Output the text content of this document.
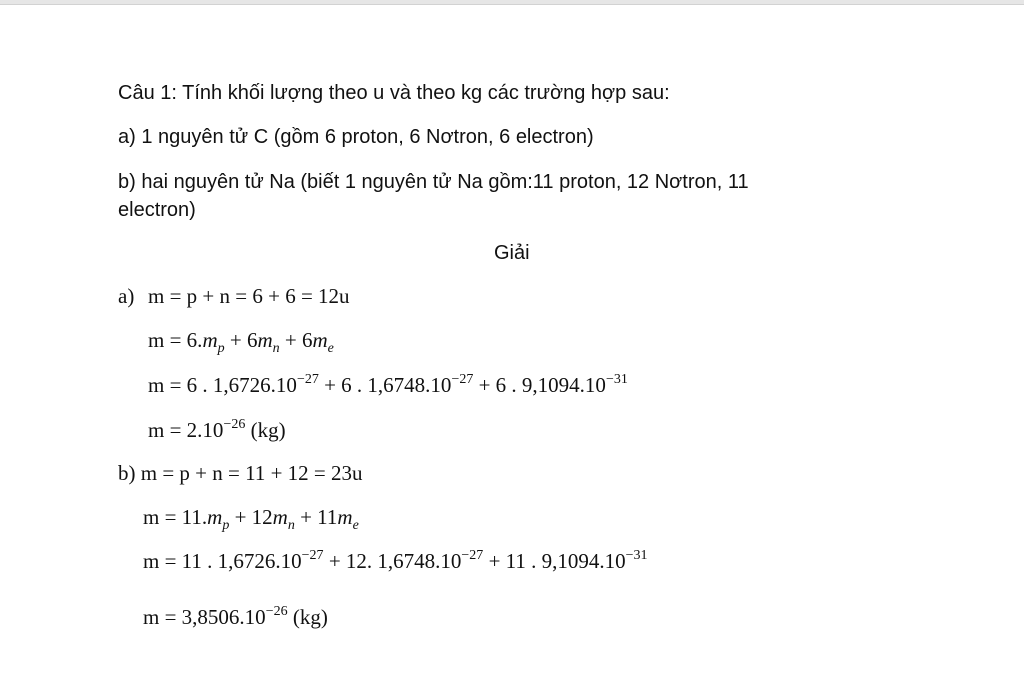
Câu 1: Tính khối lượng theo u và theo kg các trường hợp sau:
a) 1 nguyên tử C (gồm 6 proton, 6 Nơtron, 6 electron)
b) hai nguyên tử Na (biết 1 nguyên tử Na gồm:11 proton, 12 Nơtron, 11
electron)
Giải
a) m = p + n = 6 + 6 = 12u
$m = 6.m_p + 6m_n + 6m_e$
m = 6 . $1,6726.10^{-27} + 6$ . $1,6748.10^{-27} + 6$ . $9,1094.10^{-31}$
$m = 2.10^{-26}$ (kg)
b) m = p + n = 11 + 12 = 23u
$m = 11.m_p + 12m_n + 11m_e$
m = 11 . $1,6726.10^{-27} + 12$. $1,6748.10^{-27} + 11$ . $9,1094.10^{-31}$
$m = 3,8506.10^{-26}$ (kg)
